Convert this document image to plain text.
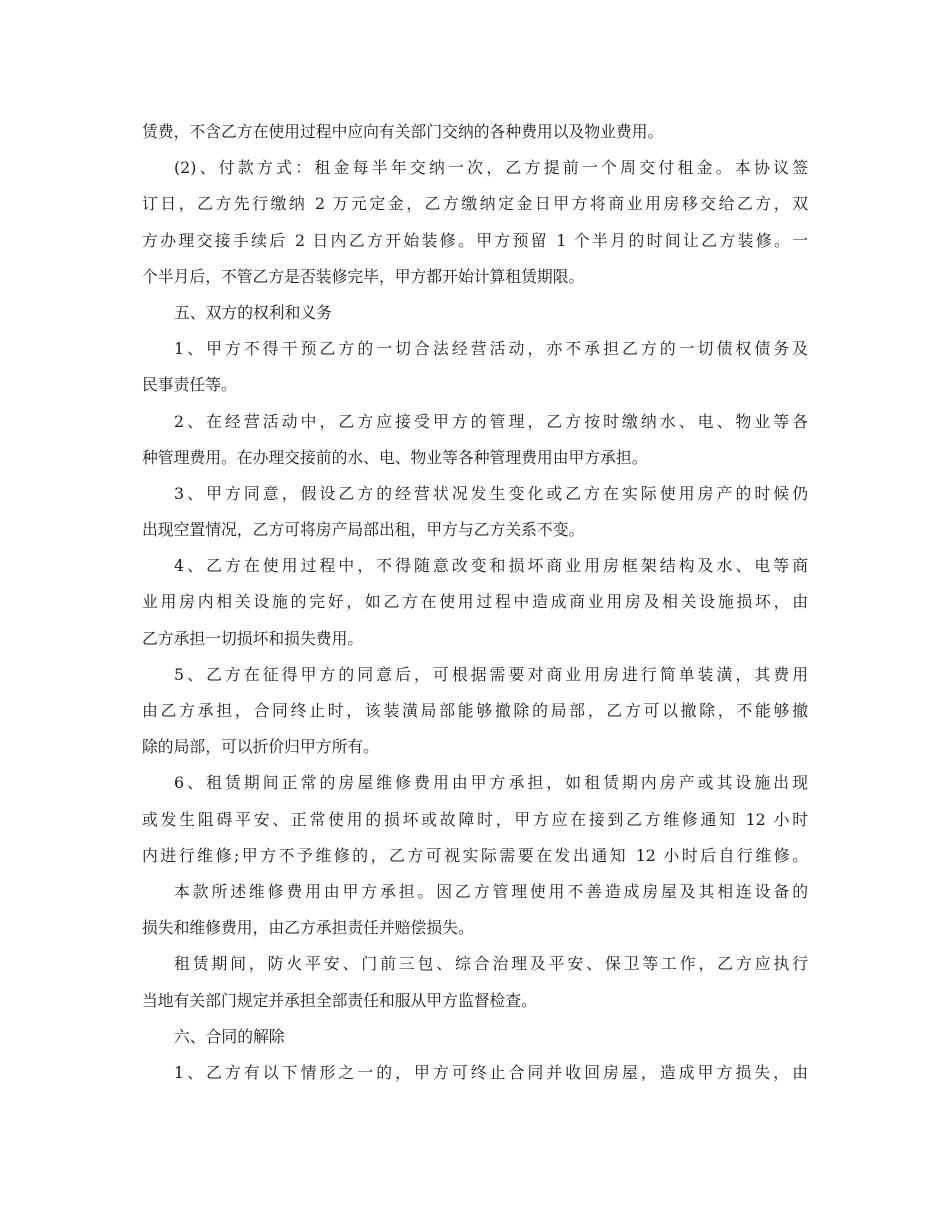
赁费，不含乙方在使用过程中应向有关部门交纳的各种费用以及物业费用。
(2)、付款方式：租金每半年交纳一次，乙方提前一个周交付租金。本协议签
订日，乙方先行缴纳 2 万元定金，乙方缴纳定金日甲方将商业用房移交给乙方，双
方办理交接手续后 2 日内乙方开始装修。甲方预留 1 个半月的时间让乙方装修。一
个半月后，不管乙方是否装修完毕，甲方都开始计算租赁期限。
五、双方的权利和义务
1、甲方不得干预乙方的一切合法经营活动，亦不承担乙方的一切债权债务及
民事责任等。
2、在经营活动中，乙方应接受甲方的管理，乙方按时缴纳水、电、物业等各
种管理费用。在办理交接前的水、电、物业等各种管理费用由甲方承担。
3、甲方同意，假设乙方的经营状况发生变化或乙方在实际使用房产的时候仍
出现空置情况，乙方可将房产局部出租，甲方与乙方关系不变。
4、乙方在使用过程中，不得随意改变和损坏商业用房框架结构及水、电等商
业用房内相关设施的完好，如乙方在使用过程中造成商业用房及相关设施损坏，由
乙方承担一切损坏和损失费用。
5、乙方在征得甲方的同意后，可根据需要对商业用房进行简单装潢，其费用
由乙方承担，合同终止时，该装潢局部能够撤除的局部，乙方可以撤除，不能够撤
除的局部，可以折价归甲方所有。
6、租赁期间正常的房屋维修费用由甲方承担，如租赁期内房产或其设施出现
或发生阻碍平安、正常使用的损坏或故障时，甲方应在接到乙方维修通知 12 小时
内进行维修;甲方不予维修的，乙方可视实际需要在发出通知 12 小时后自行维修。
本款所述维修费用由甲方承担。因乙方管理使用不善造成房屋及其相连设备的
损失和维修费用，由乙方承担责任并赔偿损失。
租赁期间，防火平安、门前三包、综合治理及平安、保卫等工作，乙方应执行
当地有关部门规定并承担全部责任和服从甲方监督检查。
六、合同的解除
1、乙方有以下情形之一的，甲方可终止合同并收回房屋，造成甲方损失，由
